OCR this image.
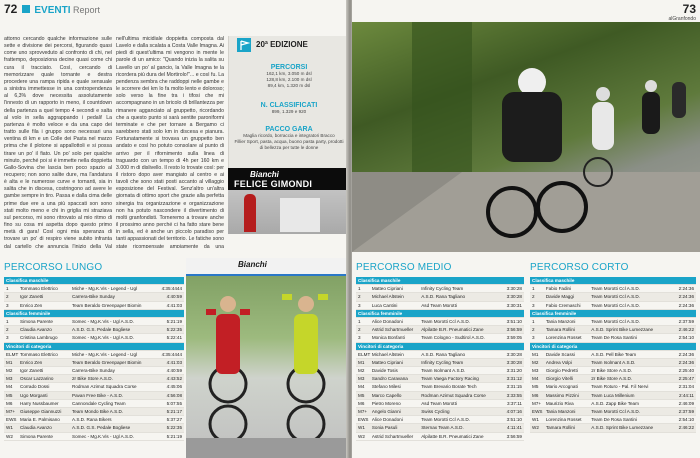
72 EVENTI Report
attorno cercando qualche informazione sulle sette e divisione dei percorsi, figurando quasi come uno sprovveduto al confronto di chi, nel frattempo, deposiziona decine quasi come chi cura il tracciato. Così, cercando di memorizzare quale tornante e destra procedere una rampa ripida e quale sensuale a sinistra immettesse in una contropendenza al 6,3% dove necessita assolutamente l'innesto di un rapporto in meno, il countdown della partenza a quel tempo 4 secondi e salta al volo in sella aggrappando i pedali! La partenza è molto veloce e da una capo dei tratto sulle fila i gruppo sono necessari una ventina di km e un Colle dei Pasta nel marzo prima che il plotone si appallottoli e si possa tirare un po' il fiato. Un po' solo per qualche minuto, perché poi si è immette nella doppietta Gallo-Sovina che lascia ben poco spazio al recupero; non sono salite dure, ma l'andatura è alta e le numerose curve e tornanti, sia in salita che in discesa, costringono ad avere le gambe sempre in tiro. Passa e dalla cima delle prime due ere a una più spaccati son sono stati molto meno e chi in griglia mi straziava sul percorso, mi sono ritrovato al mio ritmo di fino su cosa mi aspetta dopo questo primo metà di gara! Così ogni mia speranza di trovare un po' di respiro viene subito infranta dal cartello che annuncia l'inizio della Val
nell'ultima micidiale doppietta composta dal Lavelo e dalla scalata a Costa Valle Imagna. Ai piedi di quest'ultima mi vengono in mente le parole di un amico: "Quando inizia la salita su Lavello un po' al gancio, la Valle Imagna te la ricordera più dura del Mortirolo!"... e così fu. La pendenza sembra che raddoppi nelle gambe e le scorrere dei km lo fa molto lento e doloroso; solo verso la fine tra i tifosi che mi accompagnano in un bricolo di brillantezza per rimanere agganciato al gruppetto, ricordando che a questo punto si sarà sentite paroniformi terminate e che per tornare a Bergamo ci sarebbero stati solo km in discesa e pianura. Fortunatamente si trovava un gruppetto ben andato e così ho potuto consolare al punto di arrivo per il rifornimento sulla linea di traguardo con un tempo di 4h per 160 km e 3.000 m di dislivello. Il resto lo trovate così: per il ristoro dopo aver mangiato al centro e ai tavoli che sono stati posti accanto al villaggio esposizione del Festival. Senz'altro un'altra giornata di ottimo sport che grazie alla perfetta sinergia tra organizzazione e organizzazione non ha potuto nascondere il divertimento di molti granfondisti. Torneremo a trovare anche il prossimo anno perché ci ha fatto stare bene in sella, ed è anche un piccolo paradiso per tanti appassionati del territorio. Le fatiche sono state ricompensate ampiamente da una
20ª EDIZIONE
PERCORSI
162,1 km, 3.050 m dsl
128,8 km, 2.100 m dsl
89,4 km, 1.320 m dsl
N. CLASSIFICATI
899, 1.329 e 920
PACCO GARA
Maglia ricordo, borraccia e integratori Bracco
Fillier Sport, pasta, acqua, buono pasta party, prodotti di bellezza per tutte le donne
Bianchi
FELICE GIMONDI
PERCORSO LUNGO
Classifica maschile
1	Tommaso Elettrico	Miche - Mg.K.Vis - Legend - Ugl	4:35:4444
2	Igor Zanetti	Carrera-Bike Sunday	4:40:59
3	Enrico Zen	Team Beraldo Greenpaper Biomin	4:41:03
Classifica femminile
1	Simona Parente	Somec - Mg.K.Vis - Ugl A.S.D.	5:21:19
2	Claudia Avanzo	A.S.D. G.S. Pedale Bogliese	5:22:35
3	Cristina Lambrugo	Somec - Mg.K.Vis - Ugl A.S.D.	5:22:41
Vincitori di categoria
ELMT Tommaso Elettrico	Miche - Mg.K.Vis - Legend - Ugl	4:35:4444
M1	Enrico Zen	Team Beraldo Greenpaper Biomin	4:41:03
M2	Igor Zanetti	Carrera-Bike Sunday	4:40:59
M3	Oscar Lazzarino	2r Bike Store A.S.D.	4:43:52
M4	Corrado Dossi	Rodman Azimut Squadra Corse	4:45:06
M5	Ugo Morganti	Pavan Free Bike - A.S.D.	4:56:08
M6	Harry Nussbaumer	Cannondale Cycling Team	5:07:55
M7+	Giuseppe Giannuzzi	Team Mondo Bike A.S.D.	5:21:17
EWS Maria E. Palmisano	A.S.D. Rana Bikers	5:37:27
W1	Claudia Avanzo	A.S.D. G.S. Pedale Bogliese	5:22:35
W2	Simona Parente	Somec - Mg.K.Vis - Ugl A.S.D.	5:21:19
Bianchi
73
alGranfondo
PERCORSO MEDIO
Classifica maschile
1	Matteo Cipriani	Infinity Cycling Team	3:30:28
2	Michael Altstein	A.S.D. Rana Tagliano	3:30:28
3	Luca Cantini	Asd Team Morotti	3:30:31
Classifica femminile
1	Alice Donadoni	Team Morotti Ccl A.S.D.	3:51:10
2	Astrid Schartmueller	Alpilatte B.R. Pneumatici Zane	3:56:59
3	Monica Bonfanti	Team Cologno - Sudtirol A.S.D.	3:59:05
Vincitori di categoria
ELMT Michael Altstein	A.S.D. Rana Tagliano	3:30:28
M1	Matteo Cipriani	Infinity Cycling Team	3:30:28
M2	Davide Tosis	Team Isolmant A.S.D.	3:31:20
M3	Sandro Caravana	Team Vaega Factory Racing	3:31:12
M4	Stefano Milesi	Team Brevario Borate Tech	3:31:15
M5	Marco Capello	Rodman Azimut Squadra Corse	3:33:55
M6	Pietro Moreno	Asd Team Morotti	3:37:11
M7+	Angelo Gianni	Swiss Cycling	4:07:16
EWS Alice Donadoni	Team Morotti Ccl A.S.D.	3:51:10
W1	Sonia Pasuli	Sternax Team A.S.D.	4:11:41
W2	Astrid Schartmueller	Alpilatte B.R. Pneumatici Zane	3:56:59
PERCORSO CORTO
Classifica maschile
1	Fabio Fadini	Team Morotti Ccl A.S.D.	2:24:36
2	Davide Maggi	Team Morotti Ccl A.S.D.	2:24:36
3	Fabio Cremaschi	Team Morotti Ccl A.S.D.	2:24:36
Classifica femminile
1	Tania Manzoni	Team Morotti Ccl A.S.D.	2:37:59
2	Tamara Rollini	A.S.D. Sprint Bike Lumezzane	2:46:22
3	Lorenzina Rosset	Team De Rosa Santini	2:54:10
Vincitori di categoria
M1	Davide Scassi	A.S.D. Pell Bike Team	2:24:36
M2	Andrea Volpi	Team Isolmant A.S.D.	2:24:36
M3	Giorgio Pedretti	2r Bike Store A.S.D.	2:25:40
M4	Giorgio Vitelli	2r Bike Store A.S.D.	2:25:47
M5	Mario Arcognati	Team Roturo - Pal. F.il Nervi	2:31:04
M6	Massimo Pizzini	Team Luca Millenium	2:44:11
M7+	Maurizio Riva	A.S.D. Zapp Bike Team	2:46:09
EWS Tania Manzoni	Team Morotti Ccl A.S.D.	2:37:59
W1	Lorenzina Rosset	Team De Rosa Santini	2:54:10
W2	Tamara Rollini	A.S.D. Sprint Bike Lumezzane	2:46:22
